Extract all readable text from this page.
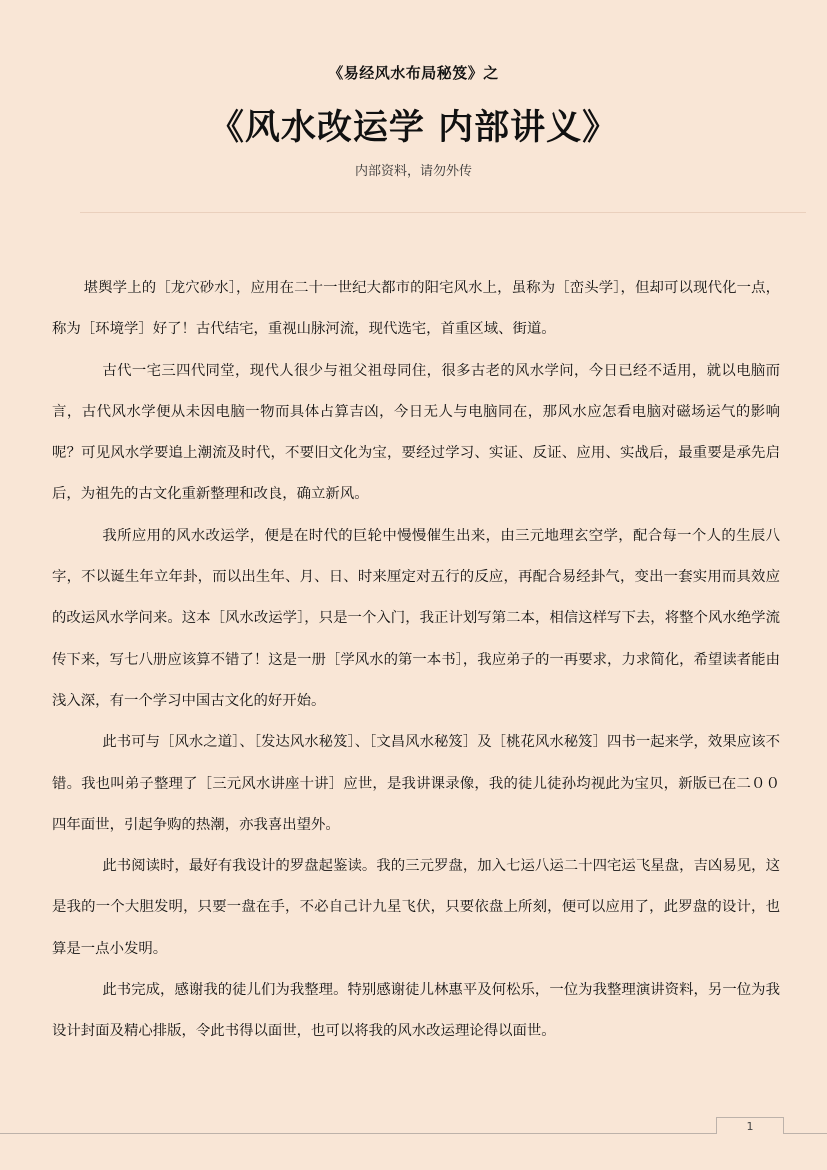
《易经风水布局秘笈》之
《风水改运学 内部讲义》
内部资料，请勿外传

堪舆学上的［龙穴砂水］，应用在二十一世纪大都市的阳宅风水上，虽称为［峦头学］，但却可以现代化一点，称为［环境学］好了！古代结宅，重视山脉河流，现代选宅，首重区域、街道。

古代一宅三四代同堂，现代人很少与祖父祖母同住，很多古老的风水学问，今日已经不适用，就以电脑而言，古代风水学便从未因电脑一物而具体占算吉凶，今日无人与电脑同在，那风水应怎看电脑对磁场运气的影响呢？可见风水学要追上潮流及时代，不要旧文化为宝，要经过学习、实证、反证、应用、实战后，最重要是承先启后，为祖先的古文化重新整理和改良，确立新风。

我所应用的风水改运学，便是在时代的巨轮中慢慢催生出来，由三元地理玄空学，配合每一个人的生辰八字，不以诞生年立年卦，而以出生年、月、日、时来厘定对五行的反应，再配合易经卦气，变出一套实用而具效应的改运风水学问来。这本［风水改运学］，只是一个入门，我正计划写第二本，相信这样写下去，将整个风水绝学流传下来，写七八册应该算不错了！这是一册［学风水的第一本书］，我应弟子的一再要求，力求简化，希望读者能由浅入深，有一个学习中国古文化的好开始。

此书可与［风水之道］、［发达风水秘笈］、［文昌风水秘笈］及［桃花风水秘笈］四书一起来学，效果应该不错。我也叫弟子整理了［三元风水讲座十讲］应世，是我讲课录像，我的徒儿徒孙均视此为宝贝，新版已在二００四年面世，引起争购的热潮，亦我喜出望外。

此书阅读时，最好有我设计的罗盘起鉴读。我的三元罗盘，加入七运八运二十四宅运飞星盘，吉凶易见，这是我的一个大胆发明，只要一盘在手，不必自己计九星飞伏，只要依盘上所刻，便可以应用了，此罗盘的设计，也算是一点小发明。

此书完成，感谢我的徒儿们为我整理。特别感谢徒儿林惠平及何松乐，一位为我整理演讲资料，另一位为我设计封面及精心排版，令此书得以面世，也可以将我的风水改运理论得以面世。

1
